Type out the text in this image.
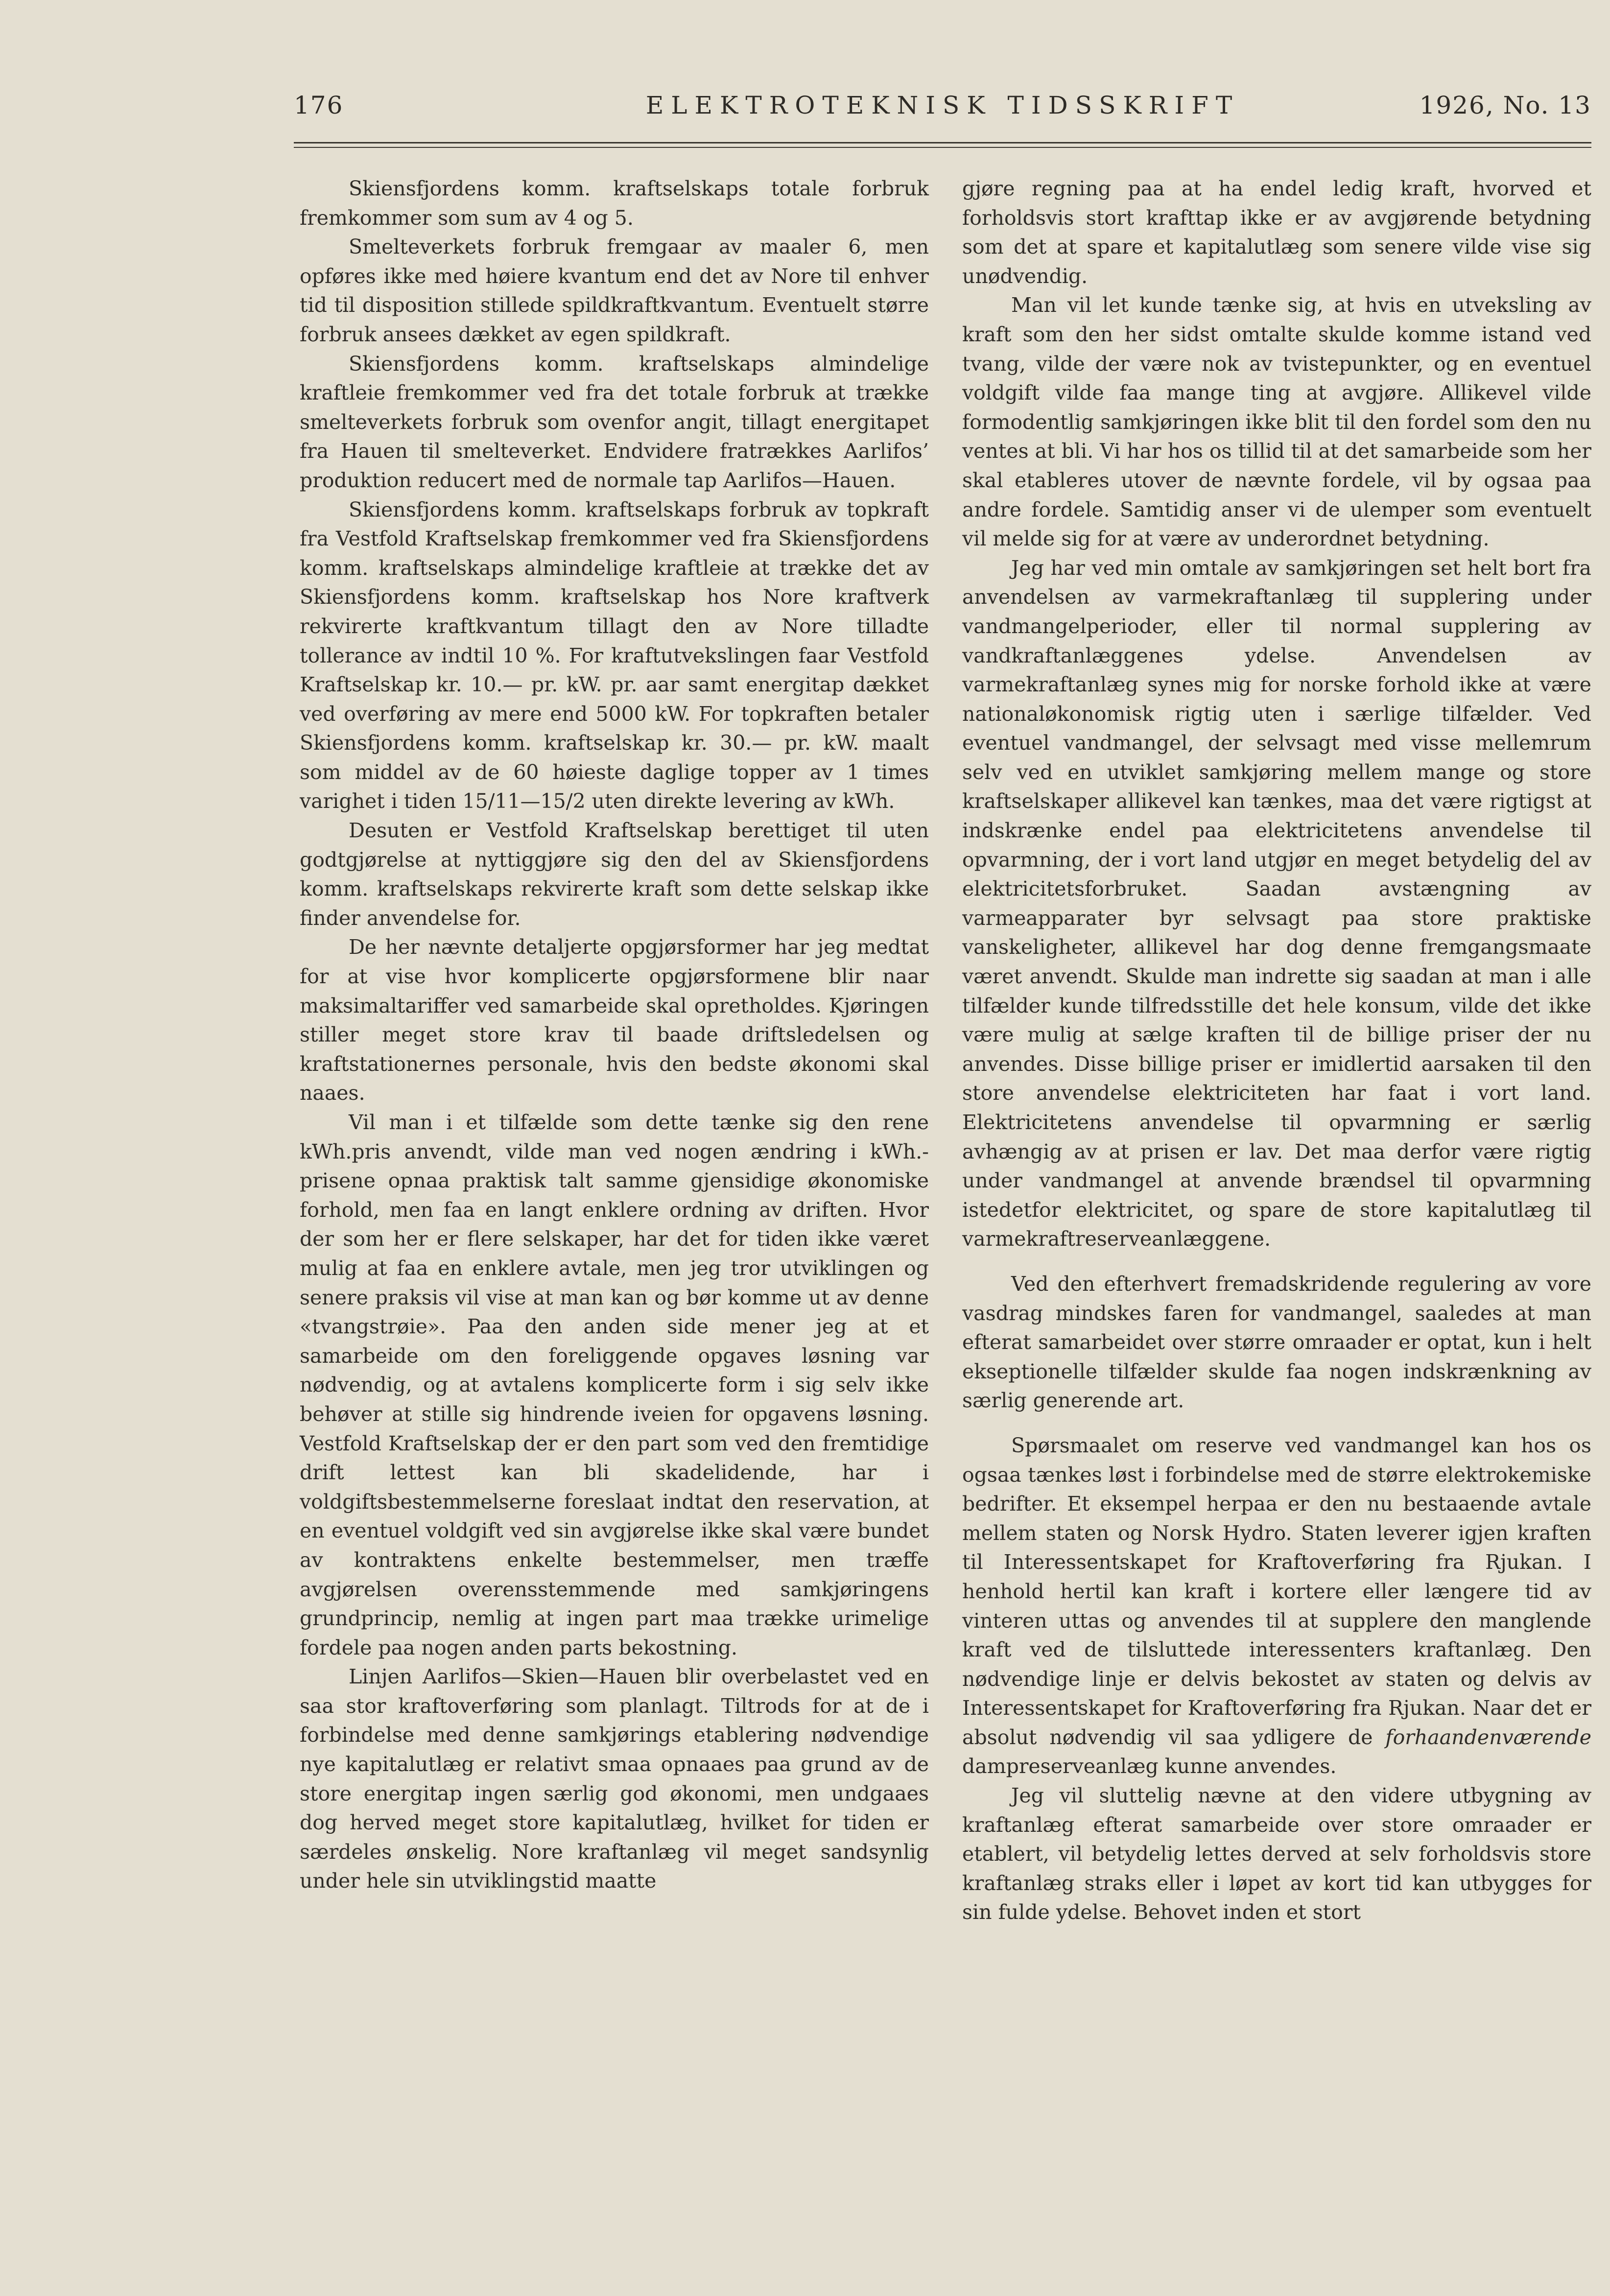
176	ELEKTROTEKNISK TIDSSKRIFT	1926, No. 13

Skiensfjordens komm. kraftselskaps totale forbruk fremkommer som sum av 4 og 5.

Smelteverkets forbruk fremgaar av maaler 6, men opføres ikke med høiere kvantum end det av Nore til enhver tid til disposition stillede spildkraftkvantum. Eventuelt større forbruk ansees dækket av egen spildkraft.

Skiensfjordens komm. kraftselskaps almindelige kraftleie fremkommer ved fra det totale forbruk at trække smelteverkets forbruk som ovenfor angit, tillagt energitapet fra Hauen til smelteverket. Endvidere fratrækkes Aarlifos’ produktion reducert med de normale tap Aarlifos—Hauen.

Skiensfjordens komm. kraftselskaps forbruk av topkraft fra Vestfold Kraftselskap fremkommer ved fra Skiensfjordens komm. kraftselskaps almindelige kraftleie at trække det av Skiensfjordens komm. kraftselskap hos Nore kraftverk rekvirerte kraftkvantum tillagt den av Nore tilladte tollerance av indtil 10 %. For kraftutvekslingen faar Vestfold Kraftselskap kr. 10.— pr. kW. pr. aar samt energitap dækket ved overføring av mere end 5000 kW. For topkraften betaler Skiensfjordens komm. kraftselskap kr. 30.— pr. kW. maalt som middel av de 60 høieste daglige topper av 1 times varighet i tiden 15/11—15/2 uten direkte levering av kWh.

Desuten er Vestfold Kraftselskap berettiget til uten godtgjørelse at nyttiggjøre sig den del av Skiensfjordens komm. kraftselskaps rekvirerte kraft som dette selskap ikke finder anvendelse for.

De her nævnte detaljerte opgjørsformer har jeg medtat for at vise hvor komplicerte opgjørsformene blir naar maksimaltariffer ved samarbeide skal opretholdes. Kjøringen stiller meget store krav til baade driftsledelsen og kraftstationernes personale, hvis den bedste økonomi skal naaes.

Vil man i et tilfælde som dette tænke sig den rene kWh.pris anvendt, vilde man ved nogen ændring i kWh.-prisene opnaa praktisk talt samme gjensidige økonomiske forhold, men faa en langt enklere ordning av driften. Hvor der som her er flere selskaper, har det for tiden ikke været mulig at faa en enklere avtale, men jeg tror utviklingen og senere praksis vil vise at man kan og bør komme ut av denne «tvangstrøie». Paa den anden side mener jeg at et samarbeide om den foreliggende opgaves løsning var nødvendig, og at avtalens komplicerte form i sig selv ikke behøver at stille sig hindrende iveien for opgavens løsning. Vestfold Kraftselskap der er den part som ved den fremtidige drift lettest kan bli skadelidende, har i voldgiftsbestemmelserne foreslaat indtat den reservation, at en eventuel voldgift ved sin avgjørelse ikke skal være bundet av kontraktens enkelte bestemmelser, men træffe avgjørelsen overensstemmende med samkjøringens grundprincip, nemlig at ingen part maa trække urimelige fordele paa nogen anden parts bekostning.

Linjen Aarlifos—Skien—Hauen blir overbelastet ved en saa stor kraftoverføring som planlagt. Tiltrods for at de i forbindelse med denne samkjørings etablering nødvendige nye kapitalutlæg er relativt smaa opnaaes paa grund av de store energitap ingen særlig god økonomi, men undgaaes dog herved meget store kapitalutlæg, hvilket for tiden er særdeles ønskelig. Nore kraftanlæg vil meget sandsynlig under hele sin utviklingstid maatte

gjøre regning paa at ha endel ledig kraft, hvorved et forholdsvis stort krafttap ikke er av avgjørende betydning som det at spare et kapitalutlæg som senere vilde vise sig unødvendig.

Man vil let kunde tænke sig, at hvis en utveksling av kraft som den her sidst omtalte skulde komme istand ved tvang, vilde der være nok av tvistepunkter, og en eventuel voldgift vilde faa mange ting at avgjøre. Allikevel vilde formodentlig samkjøringen ikke blit til den fordel som den nu ventes at bli. Vi har hos os tillid til at det samarbeide som her skal etableres utover de nævnte fordele, vil by ogsaa paa andre fordele. Samtidig anser vi de ulemper som eventuelt vil melde sig for at være av underordnet betydning.

Jeg har ved min omtale av samkjøringen set helt bort fra anvendelsen av varmekraftanlæg til supplering under vandmangelperioder, eller til normal supplering av vandkraftanlæggenes ydelse. Anvendelsen av varmekraftanlæg synes mig for norske forhold ikke at være nationaløkonomisk rigtig uten i særlige tilfælder. Ved eventuel vandmangel, der selvsagt med visse mellemrum selv ved en utviklet samkjøring mellem mange og store kraftselskaper allikevel kan tænkes, maa det være rigtigst at indskrænke endel paa elektricitetens anvendelse til opvarmning, der i vort land utgjør en meget betydelig del av elektricitetsforbruket. Saadan avstængning av varmeapparater byr selvsagt paa store praktiske vanskeligheter, allikevel har dog denne fremgangsmaate været anvendt. Skulde man indrette sig saadan at man i alle tilfælder kunde tilfredsstille det hele konsum, vilde det ikke være mulig at sælge kraften til de billige priser der nu anvendes. Disse billige priser er imidlertid aarsaken til den store anvendelse elektriciteten har faat i vort land. Elektricitetens anvendelse til opvarmning er særlig avhængig av at prisen er lav. Det maa derfor være rigtig under vandmangel at anvende brændsel til opvarmning istedetfor elektricitet, og spare de store kapitalutlæg til varmekraftreserveanlæggene.

Ved den efterhvert fremadskridende regulering av vore vasdrag mindskes faren for vandmangel, saaledes at man efterat samarbeidet over større omraader er optat, kun i helt ekseptionelle tilfælder skulde faa nogen indskrænkning av særlig generende art.

Spørsmaalet om reserve ved vandmangel kan hos os ogsaa tænkes løst i forbindelse med de større elektrokemiske bedrifter. Et eksempel herpaa er den nu bestaaende avtale mellem staten og Norsk Hydro. Staten leverer igjen kraften til Interessentskapet for Kraftoverføring fra Rjukan. I henhold hertil kan kraft i kortere eller længere tid av vinteren uttas og anvendes til at supplere den manglende kraft ved de tilsluttede interessenters kraftanlæg. Den nødvendige linje er delvis bekostet av staten og delvis av Interessentskapet for Kraftoverføring fra Rjukan. Naar det er absolut nødvendig vil saa ydligere de forhaandenværende dampreserveanlæg kunne anvendes.

Jeg vil sluttelig nævne at den videre utbygning av kraftanlæg efterat samarbeide over store omraader er etablert, vil betydelig lettes derved at selv forholdsvis store kraftanlæg straks eller i løpet av kort tid kan utbygges for sin fulde ydelse. Behovet inden et stort
